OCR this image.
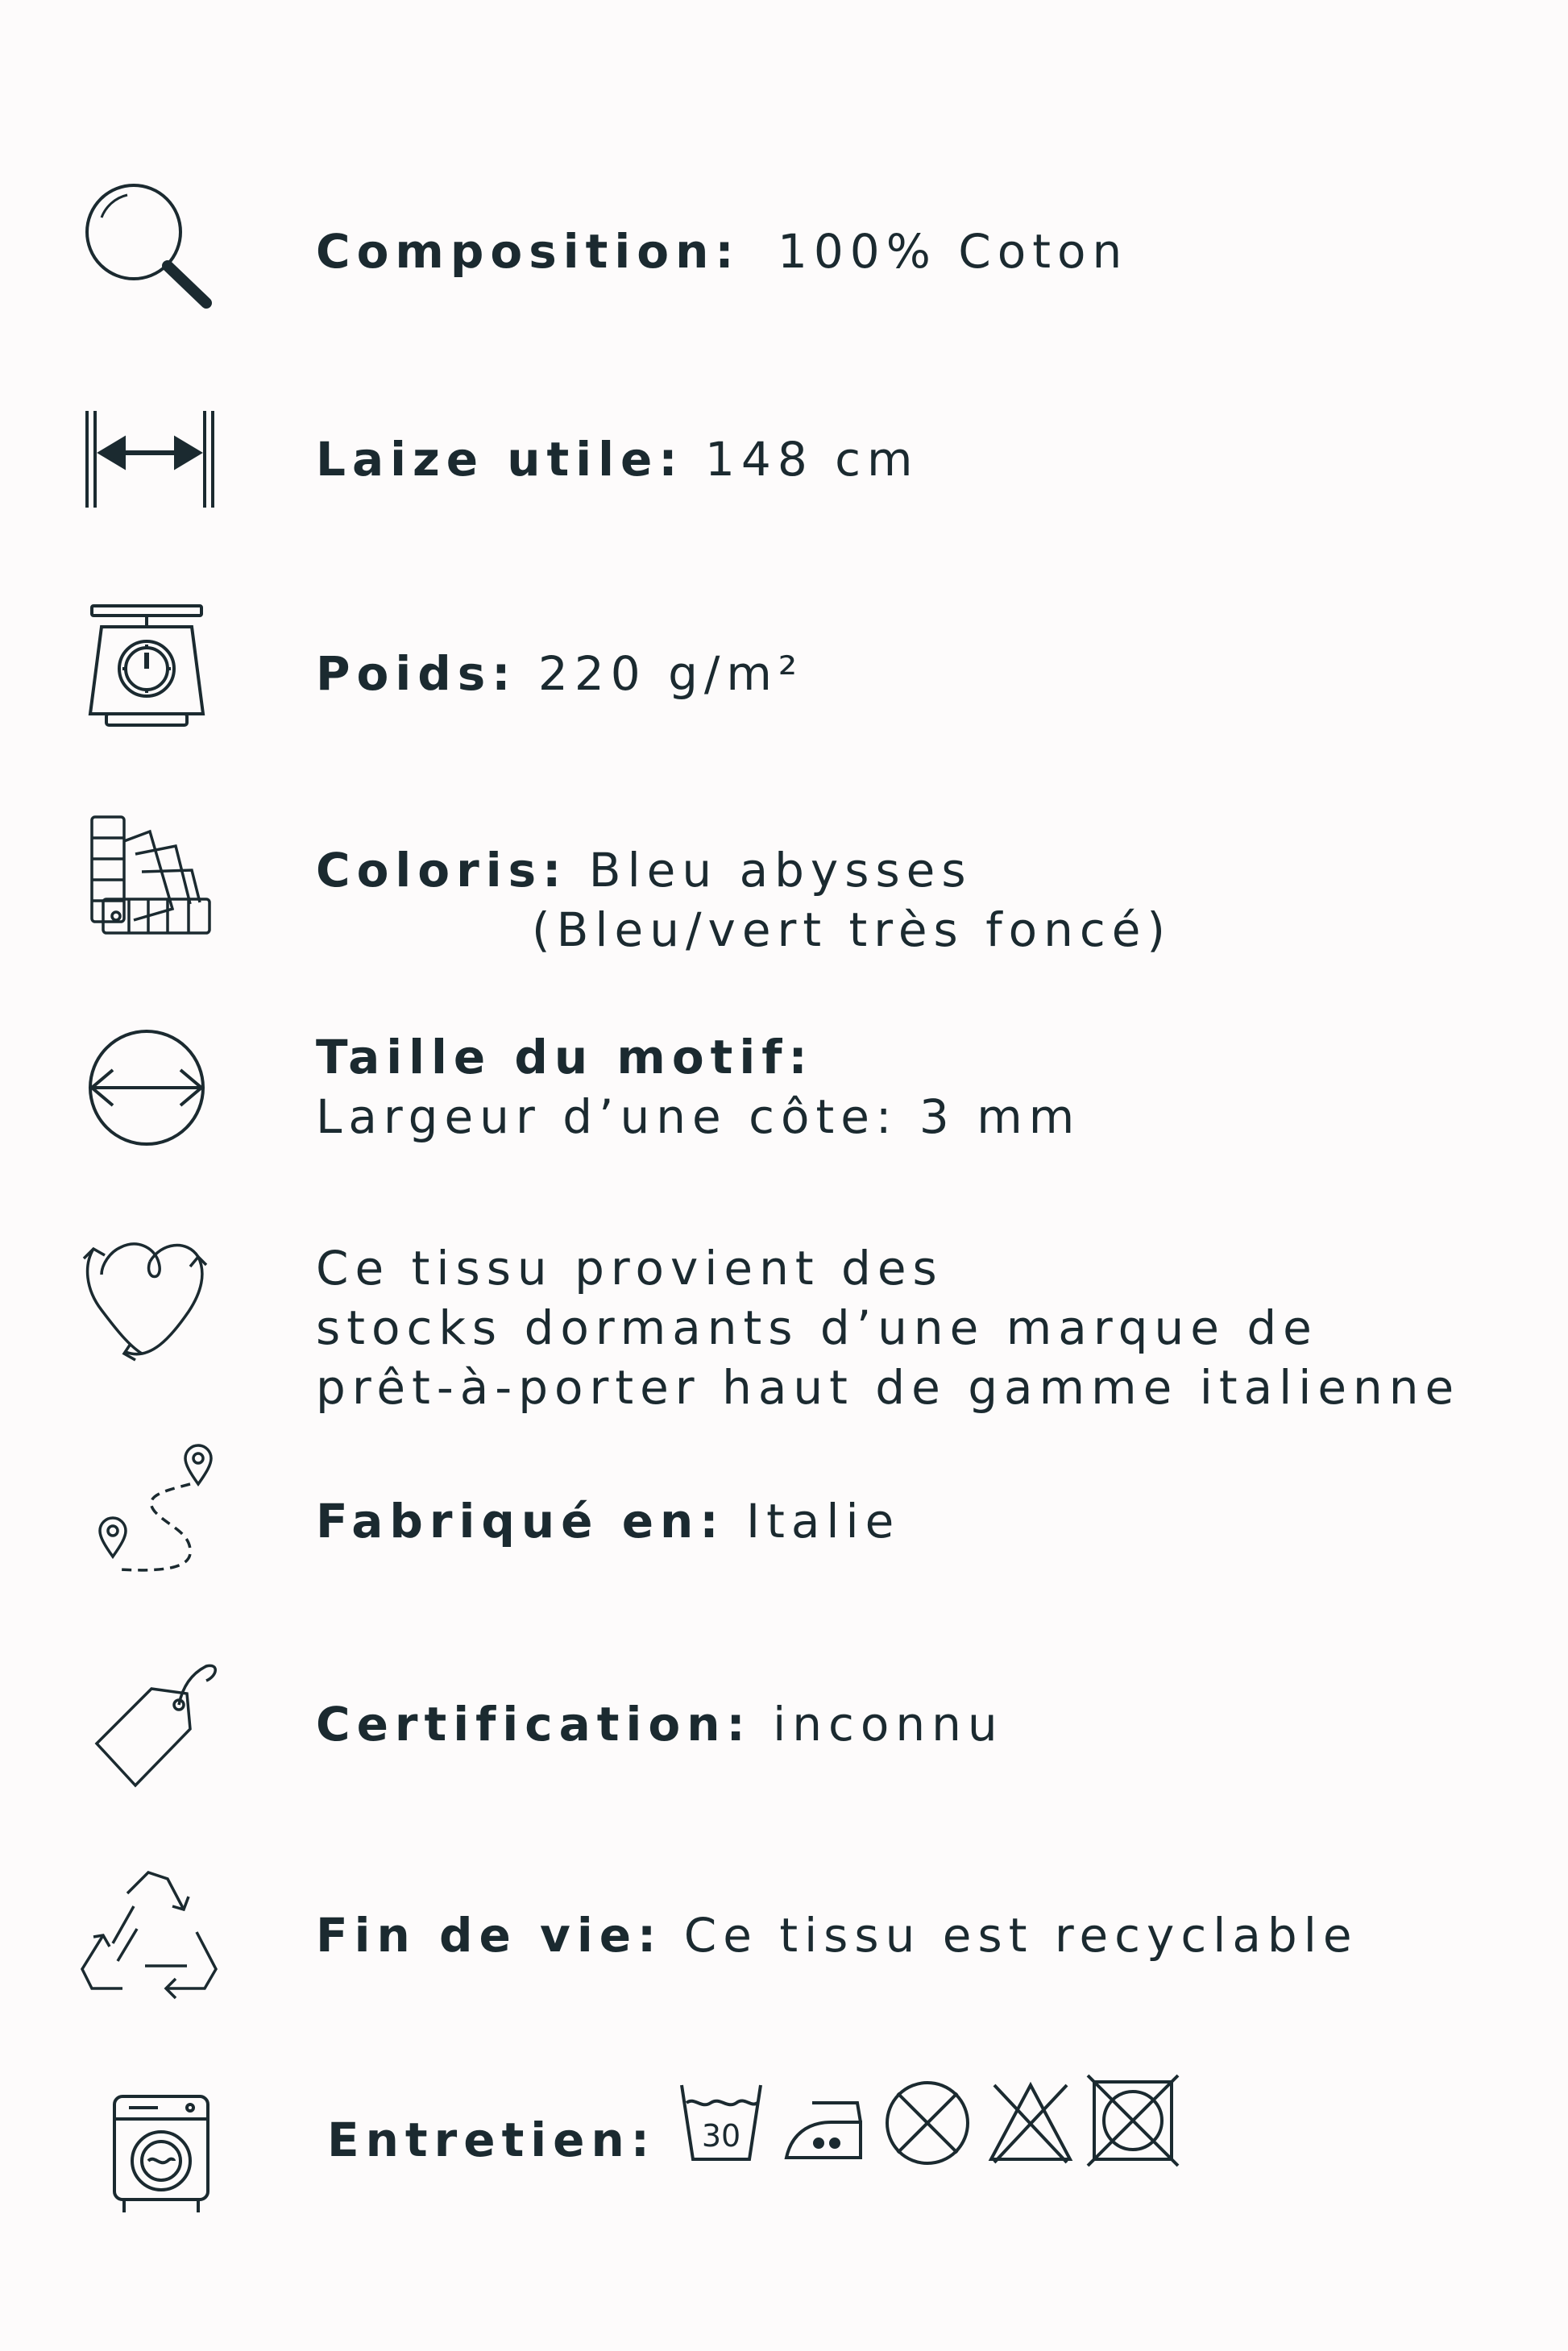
Composition: 100% Coton
Laize utile: 148 cm
Poids: 220 g/m²
Coloris: Bleu abysses
(Bleu/vert très foncé)
Taille du motif:
Largeur d’une côte: 3 mm
Ce tissu provient des
stocks dormants d’une marque de
prêt-à-porter haut de gamme italienne
Fabriqué en: Italie
Certification: inconnu
Fin de vie: Ce tissu est recyclable
Entretien: 30
